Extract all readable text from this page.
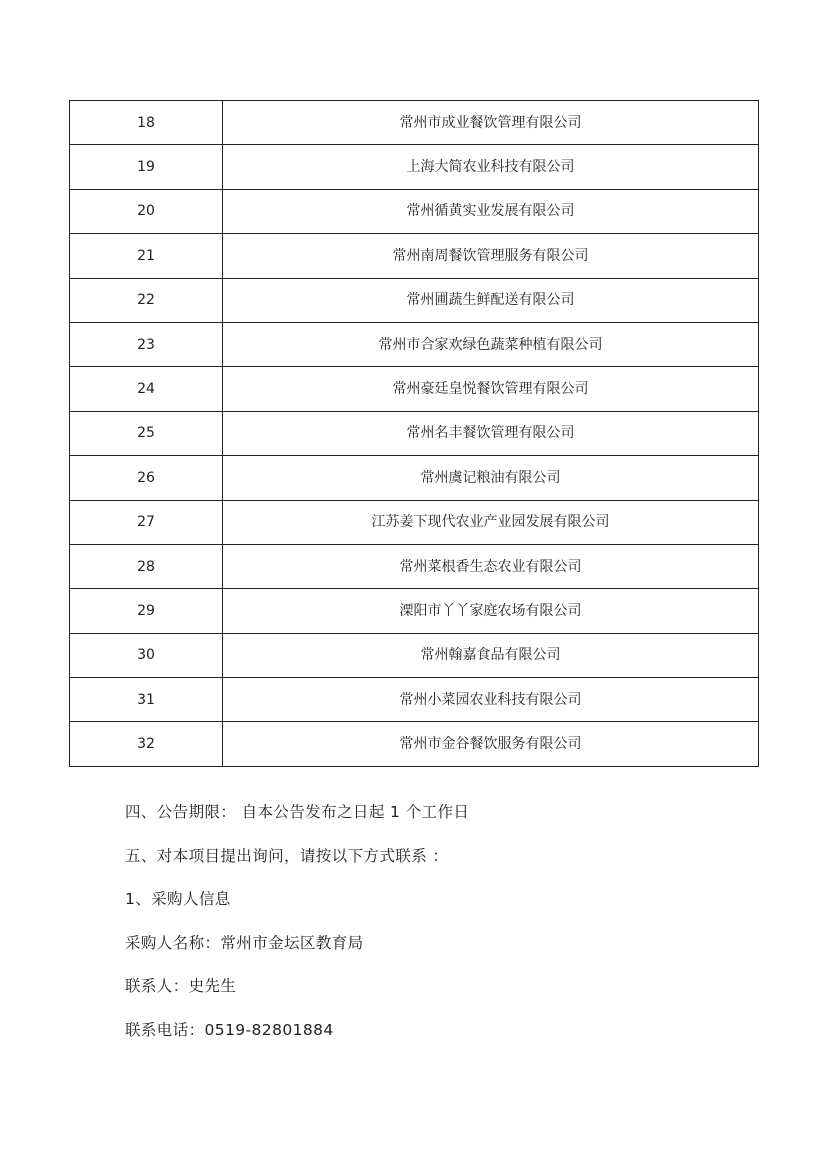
18	常州市成业餐饮管理有限公司
19	上海大简农业科技有限公司
20	常州循黄实业发展有限公司
21	常州南周餐饮管理服务有限公司
22	常州圃蔬生鲜配送有限公司
23	常州市合家欢绿色蔬菜种植有限公司
24	常州豪廷皇悦餐饮管理有限公司
25	常州名丰餐饮管理有限公司
26	常州虞记粮油有限公司
27	江苏姜下现代农业产业园发展有限公司
28	常州菜根香生态农业有限公司
29	溧阳市丫丫家庭农场有限公司
30	常州翰嘉食品有限公司
31	常州小菜园农业科技有限公司
32	常州市金谷餐饮服务有限公司

四、公告期限： 自本公告发布之日起 1 个工作日

五、对本项目提出询问，请按以下方式联系 ：

1、采购人信息

采购人名称：常州市金坛区教育局

联系人：史先生

联系电话：0519-82801884
